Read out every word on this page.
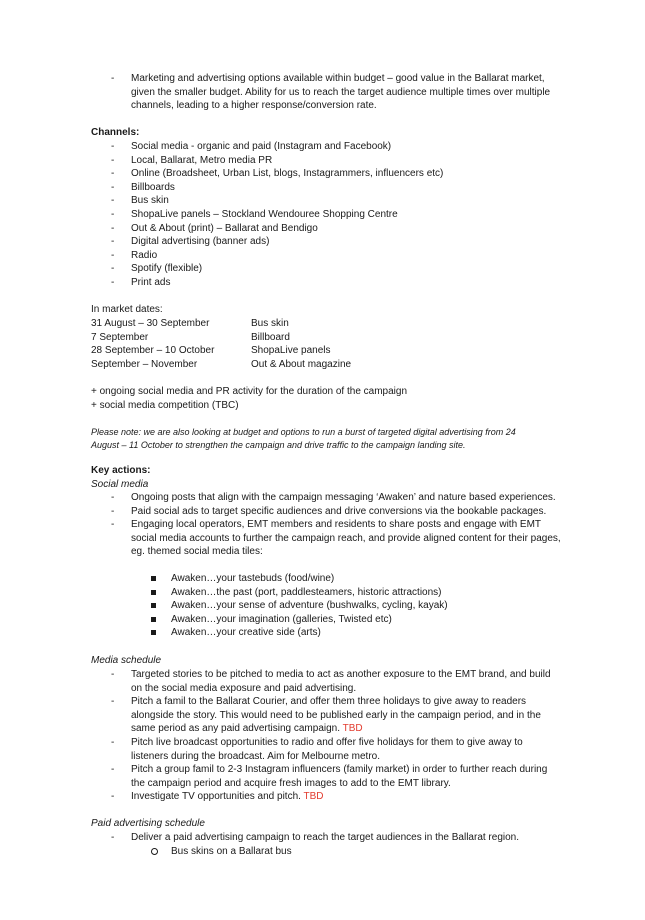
- Marketing and advertising options available within budget – good value in the Ballarat market, given the smaller budget. Ability for us to reach the target audience multiple times over multiple channels, leading to a higher response/conversion rate.

Channels:

- Social media - organic and paid (Instagram and Facebook)
- Local, Ballarat, Metro media PR
- Online (Broadsheet, Urban List, blogs, Instagrammers, influencers etc)
- Billboards
- Bus skin
- ShopaLive panels – Stockland Wendouree Shopping Centre
- Out & About (print) – Ballarat and Bendigo
- Digital advertising (banner ads)
- Radio
- Spotify (flexible)
- Print ads

In market dates:

31 August – 30 September	Bus skin
7 September	Billboard
28 September – 10 October	ShopaLive panels
September – November	Out & About magazine

+ ongoing social media and PR activity for the duration of the campaign

+ social media competition (TBC)

Please note: we are also looking at budget and options to run a burst of targeted digital advertising from 24 August – 11 October to strengthen the campaign and drive traffic to the campaign landing site.

Key actions:

Social media

- Ongoing posts that align with the campaign messaging ‘Awaken’ and nature based experiences.
- Paid social ads to target specific audiences and drive conversions via the bookable packages.
- Engaging local operators, EMT members and residents to share posts and engage with EMT social media accounts to further the campaign reach, and provide aligned content for their pages, eg. themed social media tiles:
Awaken…your tastebuds (food/wine)
Awaken…the past (port, paddlesteamers, historic attractions)
Awaken…your sense of adventure (bushwalks, cycling, kayak)
Awaken…your imagination (galleries, Twisted etc)
Awaken…your creative side (arts)

Media schedule

- Targeted stories to be pitched to media to act as another exposure to the EMT brand, and build on the social media exposure and paid advertising.
- Pitch a famil to the Ballarat Courier, and offer them three holidays to give away to readers alongside the story. This would need to be published early in the campaign period, and in the same period as any paid advertising campaign. TBD
- Pitch live broadcast opportunities to radio and offer five holidays for them to give away to listeners during the broadcast. Aim for Melbourne metro.
- Pitch a group famil to 2-3 Instagram influencers (family market) in order to further reach during the campaign period and acquire fresh images to add to the EMT library.
- Investigate TV opportunities and pitch. TBD

Paid advertising schedule

- Deliver a paid advertising campaign to reach the target audiences in the Ballarat region.
Bus skins on a Ballarat bus
